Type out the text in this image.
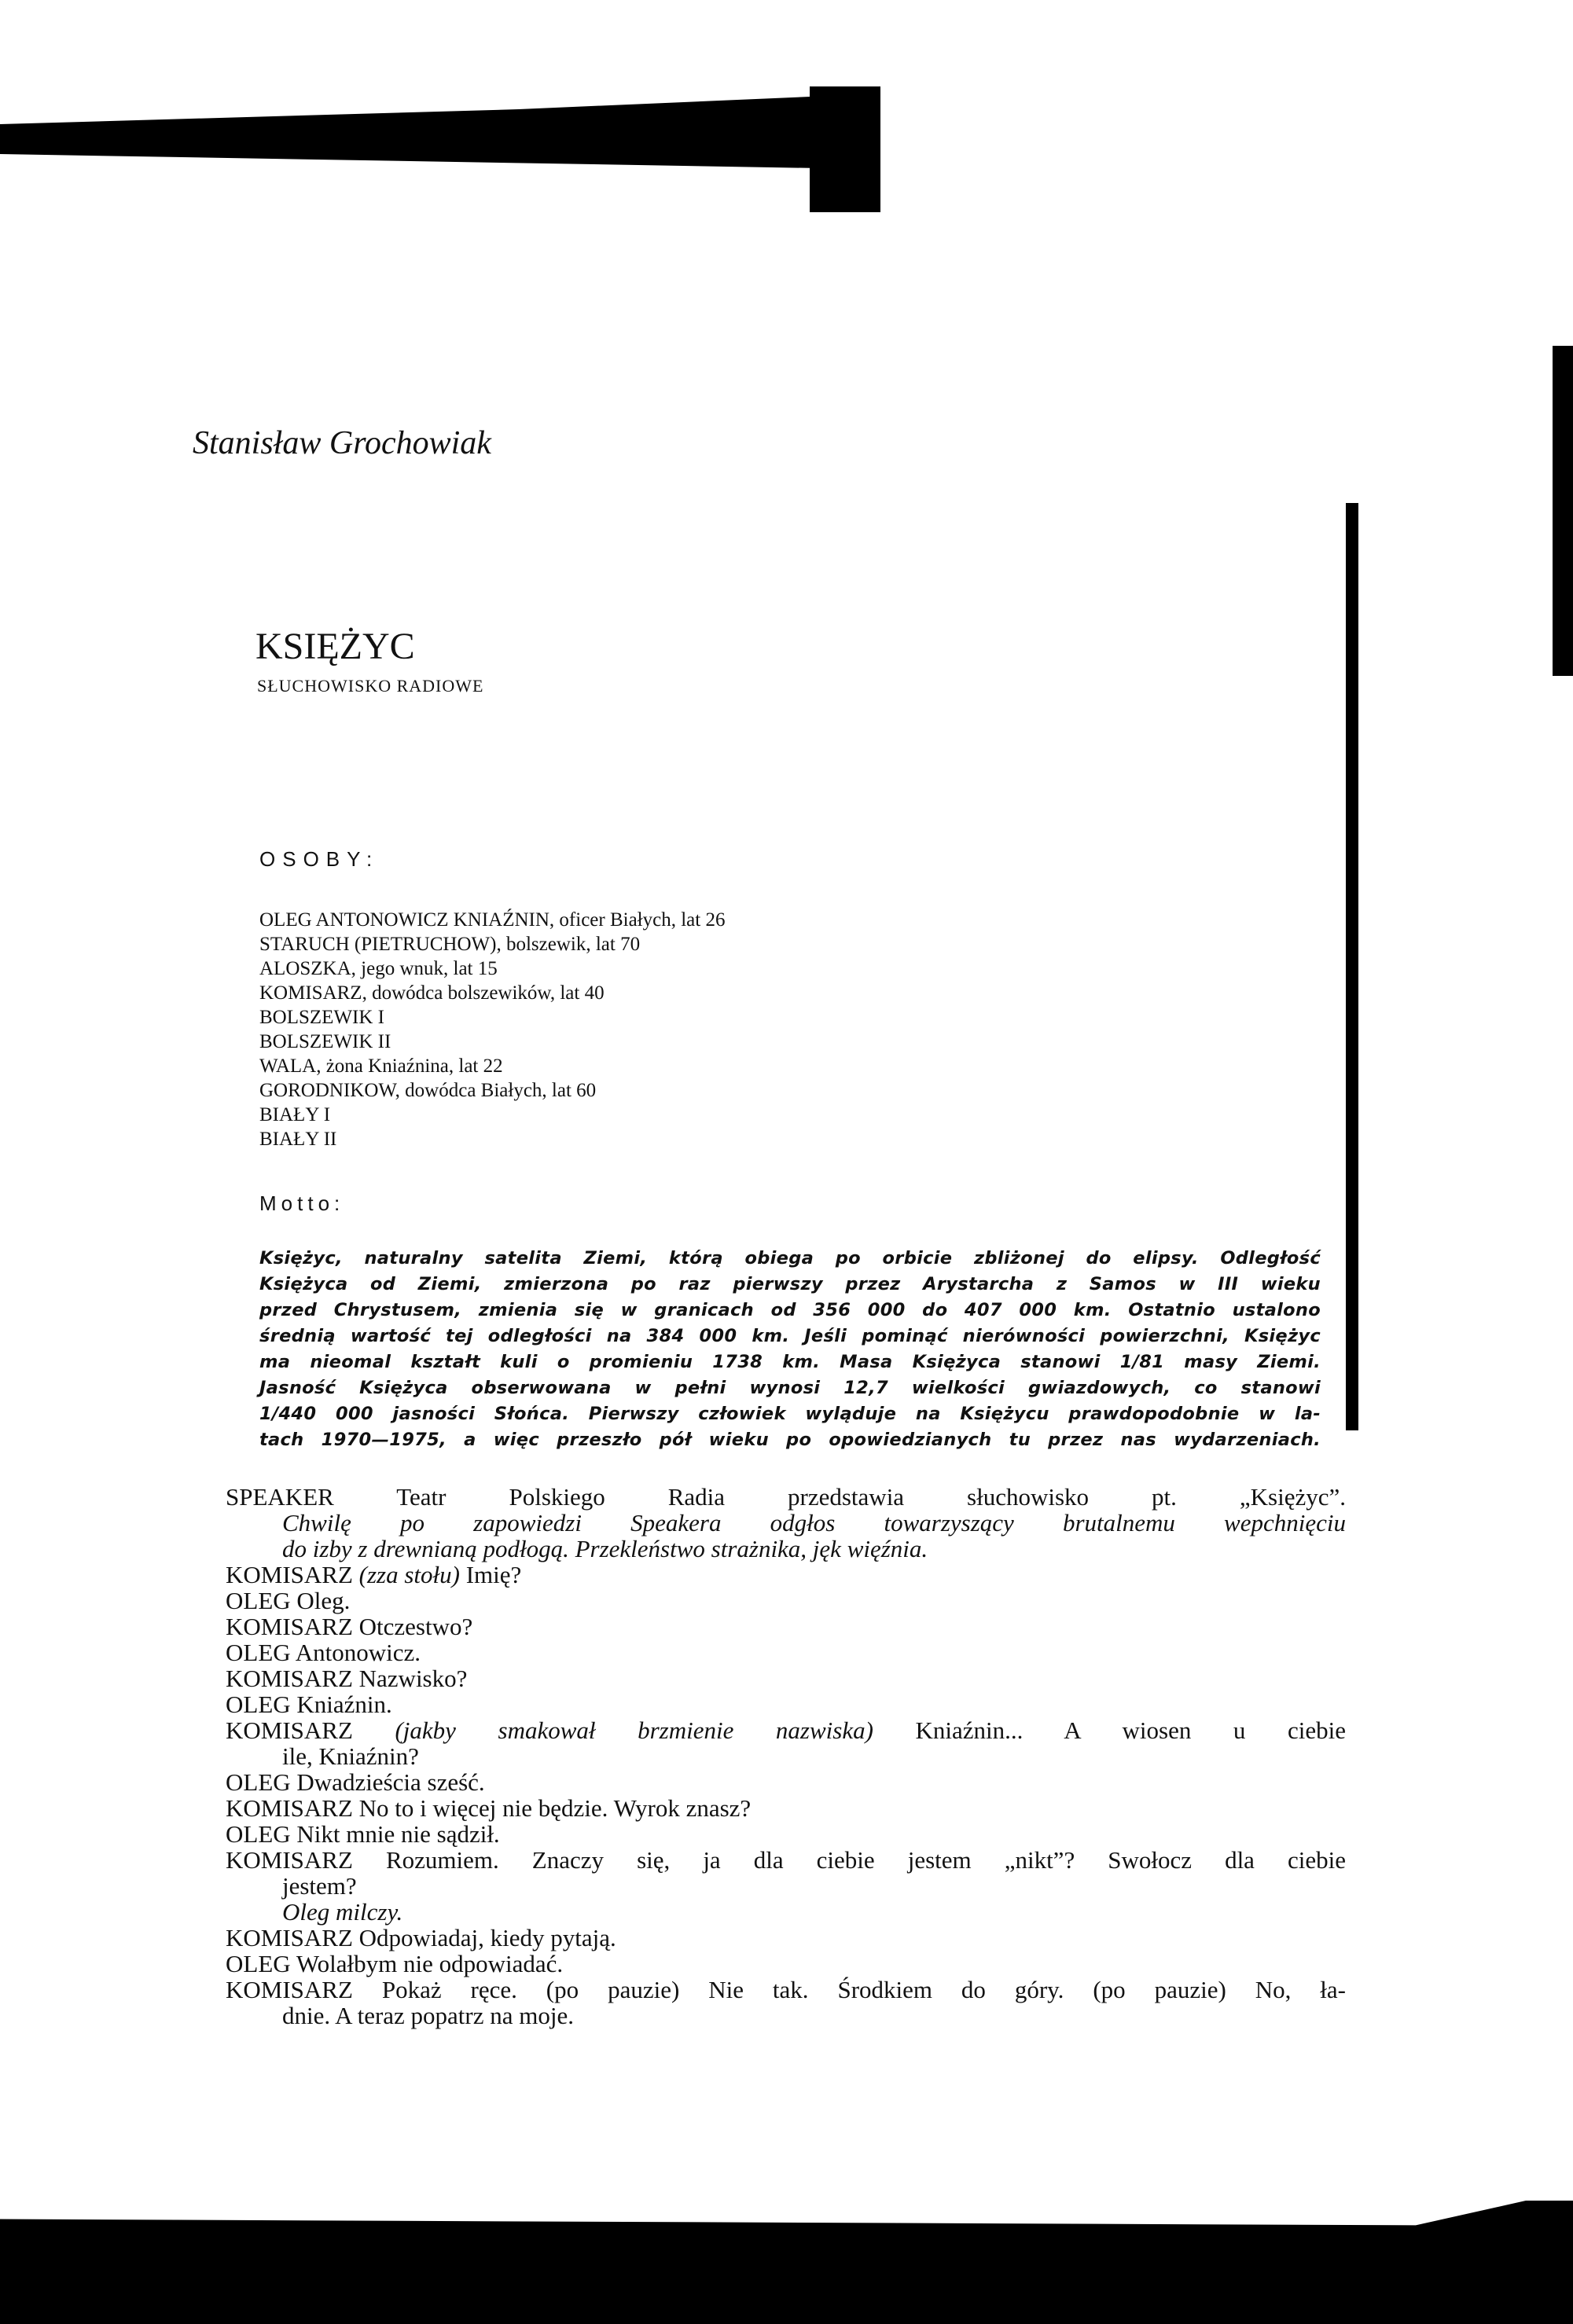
Stanisław Grochowiak
KSIĘŻYC
SŁUCHOWISKO RADIOWE
OSOBY:
OLEG ANTONOWICZ KNIAŹNIN, oficer Białych, lat 26
STARUCH (PIETRUCHOW), bolszewik, lat 70
ALOSZKA, jego wnuk, lat 15
KOMISARZ, dowódca bolszewików, lat 40
BOLSZEWIK I
BOLSZEWIK II
WALA, żona Kniaźnina, lat 22
GORODNIKOW, dowódca Białych, lat 60
BIAŁY I
BIAŁY II
Motto:
Księżyc, naturalny satelita Ziemi, którą obiega po orbicie zbliżonej do elipsy. Odległość
Księżyca od Ziemi, zmierzona po raz pierwszy przez Arystarcha z Samos w III wieku
przed Chrystusem, zmienia się w granicach od 356 000 do 407 000 km. Ostatnio ustalono
średnią wartość tej odległości na 384 000 km. Jeśli pominąć nierówności powierzchni, Księżyc
ma nieomal kształt kuli o promieniu 1738 km. Masa Księżyca stanowi 1/81 masy Ziemi.
Jasność Księżyca obserwowana w pełni wynosi 12,7 wielkości gwiazdowych, co stanowi
1/440 000 jasności Słońca. Pierwszy człowiek wyląduje na Księżycu prawdopodobnie w la-
tach 1970—1975, a więc przeszło pół wieku po opowiedzianych tu przez nas wydarzeniach.
SPEAKER	Teatr Polskiego Radia przedstawia słuchowisko pt. „Księżyc”.
Chwilę po zapowiedzi Speakera odgłos towarzyszący brutalnemu wepchnięciu
do izby z drewnianą podłogą. Przekleństwo strażnika, jęk więźnia.
KOMISARZ (zza stołu) Imię?
OLEG Oleg.
KOMISARZ Otczestwo?
OLEG Antonowicz.
KOMISARZ Nazwisko?
OLEG Kniaźnin.
KOMISARZ (jakby smakował brzmienie nazwiska) Kniaźnin... A wiosen u ciebie
ile, Kniaźnin?
OLEG Dwadzieścia sześć.
KOMISARZ No to i więcej nie będzie. Wyrok znasz?
OLEG Nikt mnie nie sądził.
KOMISARZ Rozumiem. Znaczy się, ja dla ciebie jestem „nikt”? Swołocz dla ciebie
jestem?
Oleg milczy.
KOMISARZ Odpowiadaj, kiedy pytają.
OLEG Wolałbym nie odpowiadać.
KOMISARZ Pokaż ręce. (po pauzie) Nie tak. Środkiem do góry. (po pauzie) No, ła-
dnie. A teraz popatrz na moje.
